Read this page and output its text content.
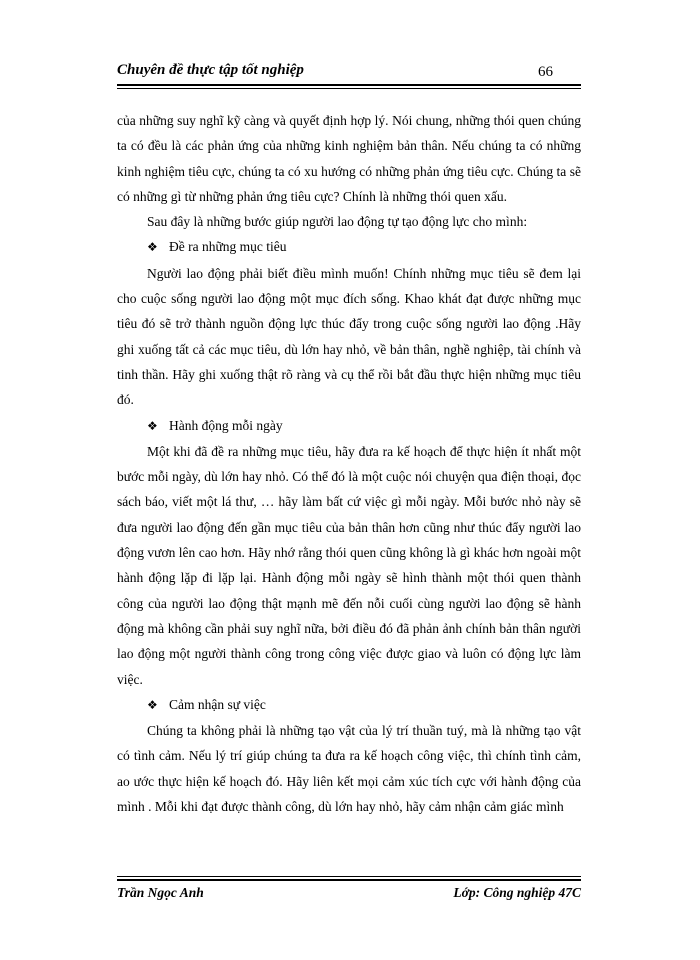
Chuyên đề thực tập tốt nghiệp	66

của những suy nghĩ kỹ càng và quyết định hợp lý. Nói chung, những thói quen chúng ta có đều là các phản ứng của những kinh nghiệm bản thân. Nếu chúng ta có những kinh nghiệm tiêu cực, chúng ta có xu hướng có những phản ứng tiêu cực. Chúng ta sẽ có những gì từ những phản ứng tiêu cực? Chính là những thói quen xấu.

Sau đây là những bước giúp người lao động tự tạo động lực cho mình:

❖ Đề ra những mục tiêu

Người lao động phải biết điều mình muốn! Chính những mục tiêu sẽ đem lại cho cuộc sống người lao động một mục đích sống. Khao khát đạt được những mục tiêu đó sẽ trở thành nguồn động lực thúc đẩy trong cuộc sống người lao động .Hãy ghi xuống tất cả các mục tiêu, dù lớn hay nhỏ, về bản thân, nghề nghiệp, tài chính và tinh thần. Hãy ghi xuống thật rõ ràng và cụ thể rồi bắt đầu thực hiện những mục tiêu đó.

❖ Hành động mỗi ngày

Một khi đã đề ra những mục tiêu, hãy đưa ra kế hoạch để thực hiện ít nhất một bước mỗi ngày, dù lớn hay nhỏ. Có thể đó là một cuộc nói chuyện qua điện thoại, đọc sách báo, viết một lá thư, … hãy làm bất cứ việc gì mỗi ngày. Mỗi bước nhỏ này sẽ đưa người lao động đến gần mục tiêu của bản thân hơn cũng như thúc đẩy người lao động vươn lên cao hơn. Hãy nhớ rằng thói quen cũng không là gì khác hơn ngoài một hành động lặp đi lặp lại. Hành động mỗi ngày sẽ hình thành một thói quen thành công của người lao động thật mạnh mẽ đến nỗi cuối cùng người lao động sẽ hành động mà không cần phải suy nghĩ nữa, bởi điều đó đã phản ảnh chính bản thân người lao động một người thành công trong công việc được giao và luôn có động lực làm việc.

❖ Cảm nhận sự việc

Chúng ta không phải là những tạo vật của lý trí thuần tuý, mà là những tạo vật có tình cảm. Nếu lý trí giúp chúng ta đưa ra kế hoạch công việc, thì chính tình cảm, ao ước thực hiện kế hoạch đó. Hãy liên kết mọi cảm xúc tích cực với hành động của mình . Mỗi khi đạt được thành công, dù lớn hay nhỏ, hãy cảm nhận cảm giác mình

Trần Ngọc Anh	Lớp: Công nghiệp 47C
